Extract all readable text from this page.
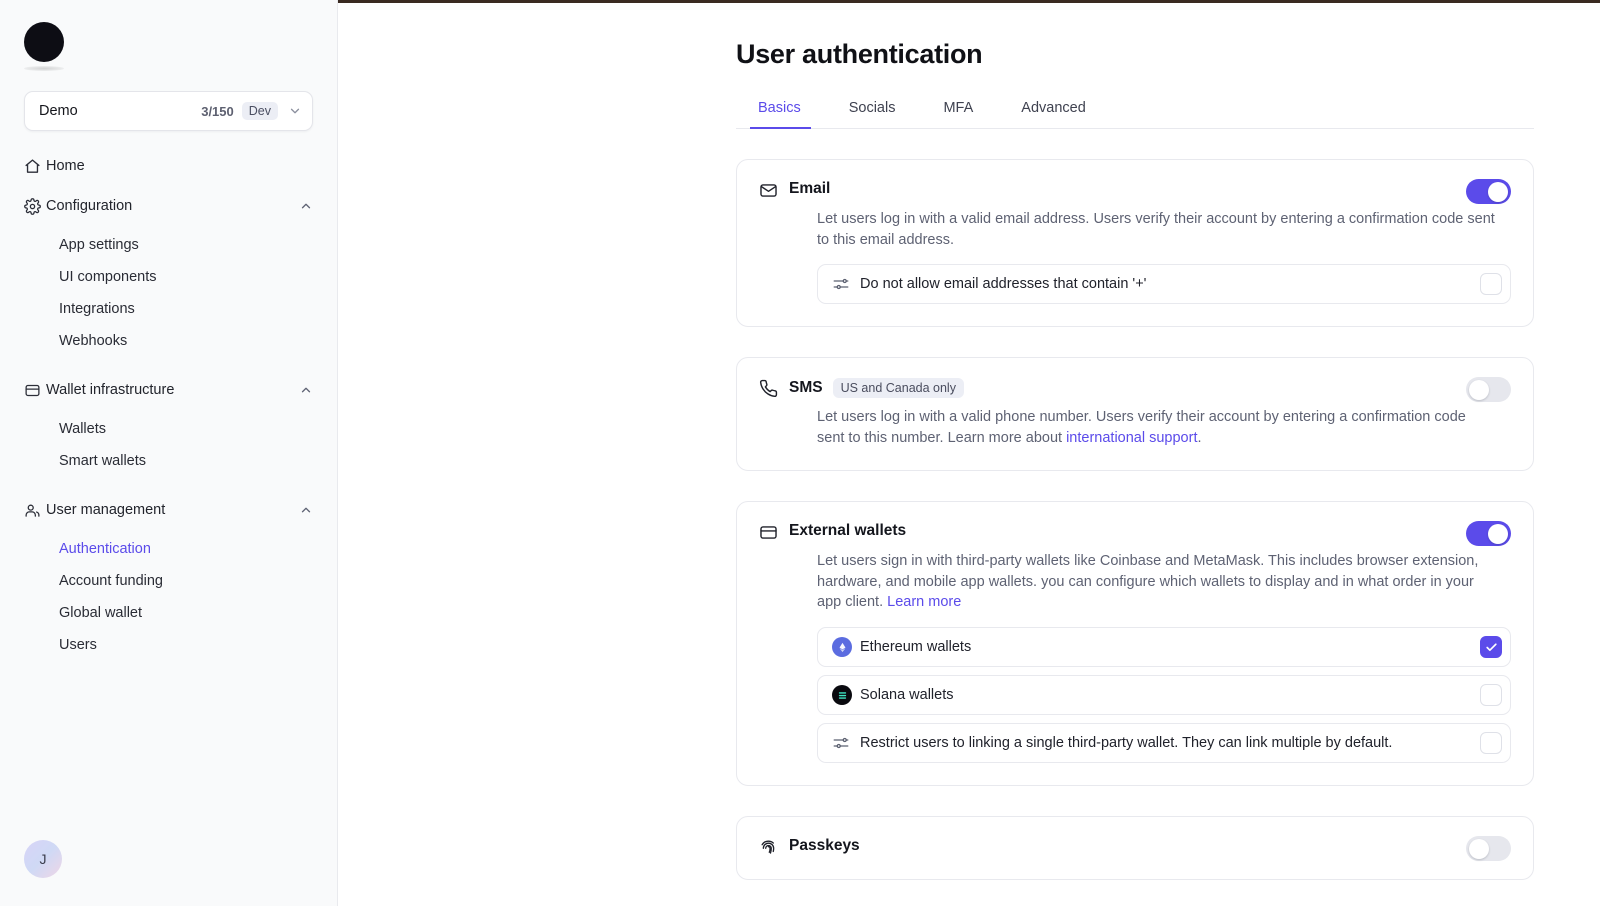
Demo	3/150	Dev
Home
Configuration
App settings
UI components
Integrations
Webhooks
Wallet infrastructure
Wallets
Smart wallets
User management
Authentication
Account funding
Global wallet
Users
J
User authentication
Basics	Socials	MFA	Advanced
Email
Let users log in with a valid email address. Users verify their account by entering a confirmation code sent to this email address.
Do not allow email addresses that contain '+'
SMS	US and Canada only
Let users log in with a valid phone number. Users verify their account by entering a confirmation code sent to this number. Learn more about international support.
External wallets
Let users sign in with third-party wallets like Coinbase and MetaMask. This includes browser extension, hardware, and mobile app wallets. you can configure which wallets to display and in what order in your app client. Learn more
Ethereum wallets
Solana wallets
Restrict users to linking a single third-party wallet. They can link multiple by default.
Passkeys
